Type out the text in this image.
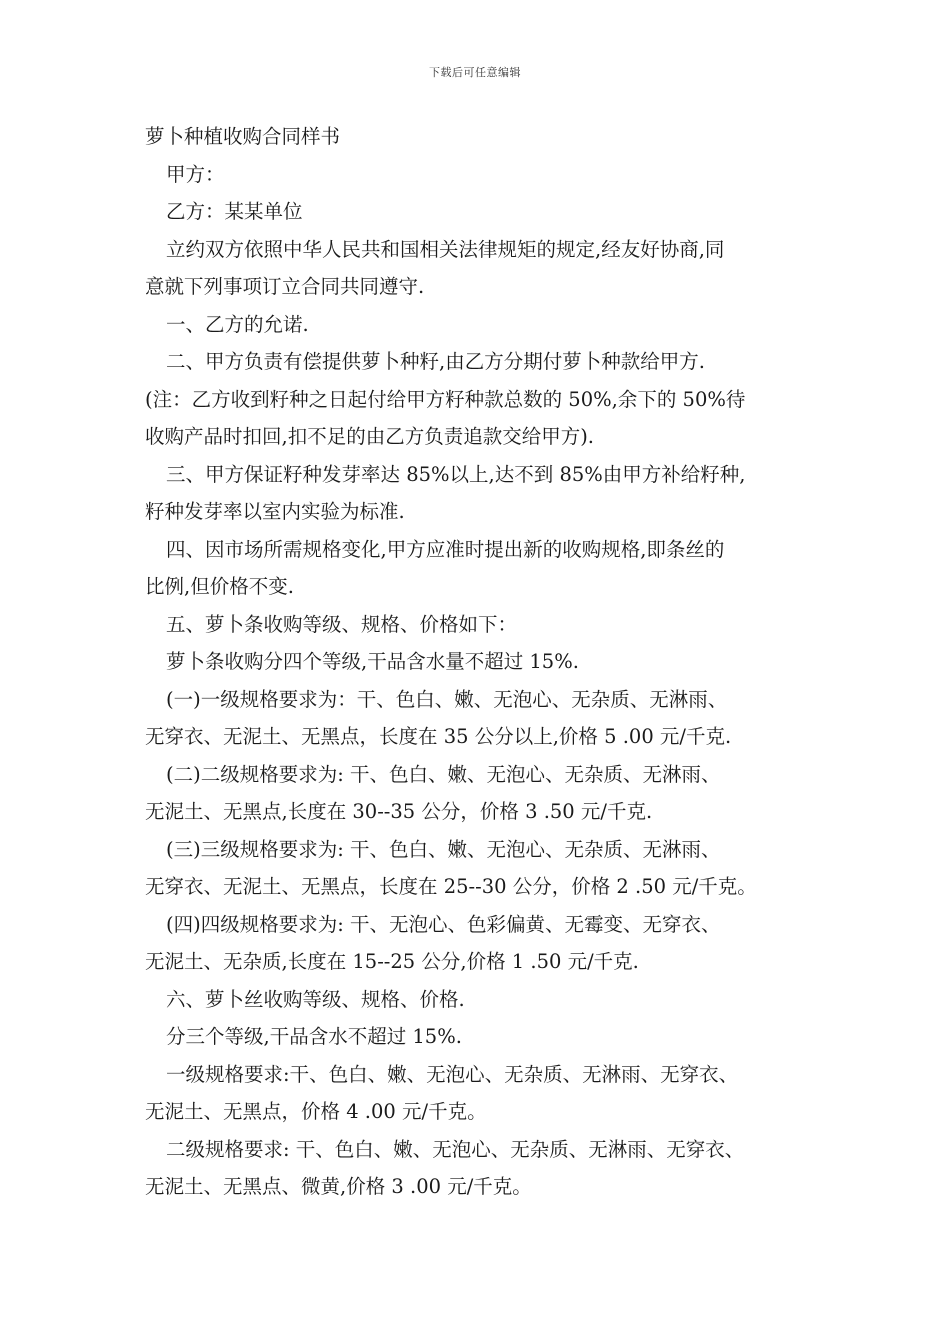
下载后可任意编辑
萝卜种植收购合同样书
甲方：
乙方：某某单位
立约双方依照中华人民共和国相关法律规矩的规定,经友好协商,同
意就下列事项订立合同共同遵守.
一、乙方的允诺.
二、甲方负责有偿提供萝卜种籽,由乙方分期付萝卜种款给甲方.
(注：乙方收到籽种之日起付给甲方籽种款总数的 50%,余下的 50%待
收购产品时扣回,扣不足的由乙方负责追款交给甲方).
三、甲方保证籽种发芽率达 85%以上,达不到 85%由甲方补给籽种,
籽种发芽率以室内实验为标准.
四、因市场所需规格变化,甲方应准时提出新的收购规格,即条丝的
比例,但价格不变.
五、萝卜条收购等级、规格、价格如下：
萝卜条收购分四个等级,干品含水量不超过 15%.
(一)一级规格要求为：干、色白、嫩、无泡心、无杂质、无淋雨、
无穿衣、无泥土、无黑点，长度在 35 公分以上,价格 5 .00 元/千克.
(二)二级规格要求为: 干、色白、嫩、无泡心、无杂质、无淋雨、
无泥土、无黑点,长度在 30--35 公分，价格 3 .50 元/千克.
(三)三级规格要求为: 干、色白、嫩、无泡心、无杂质、无淋雨、
无穿衣、无泥土、无黑点，长度在 25--30 公分，价格 2 .50 元/千克。
(四)四级规格要求为: 干、无泡心、色彩偏黄、无霉变、无穿衣、
无泥土、无杂质,长度在 15--25 公分,价格 1 .50 元/千克.
六、萝卜丝收购等级、规格、价格.
分三个等级,干品含水不超过 15%.
一级规格要求:干、色白、嫩、无泡心、无杂质、无淋雨、无穿衣、
无泥土、无黑点，价格 4 .00 元/千克。
二级规格要求: 干、色白、嫩、无泡心、无杂质、无淋雨、无穿衣、
无泥土、无黑点、微黄,价格 3 .00 元/千克。
